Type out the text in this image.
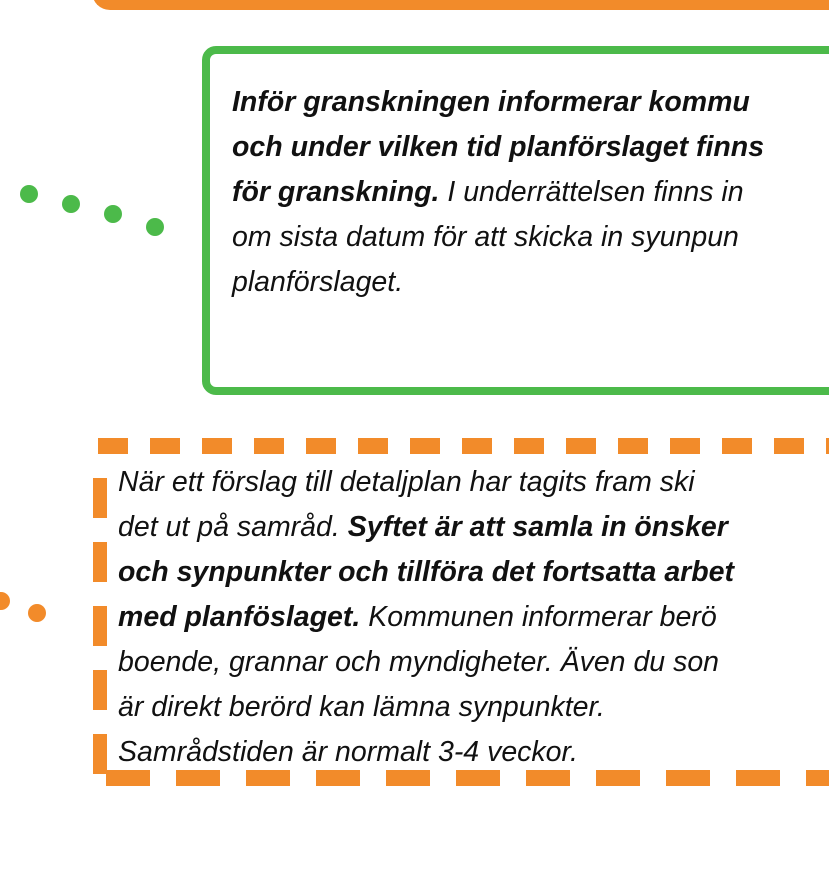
Inför granskningen informerar kommu
och under vilken tid planförslaget finns
för granskning. I underrättelsen finns in
om sista datum för att skicka in syunpun
planförslaget.
När ett förslag till detaljplan har tagits fram ski
det ut på samråd. Syftet är att samla in önsker
och synpunkter och tillföra det fortsatta arbet
med planföslaget. Kommunen informerar berö
boende, grannar och myndigheter. Även du son
är direkt berörd kan lämna synpunkter.
Samrådstiden är normalt 3-4 veckor.
